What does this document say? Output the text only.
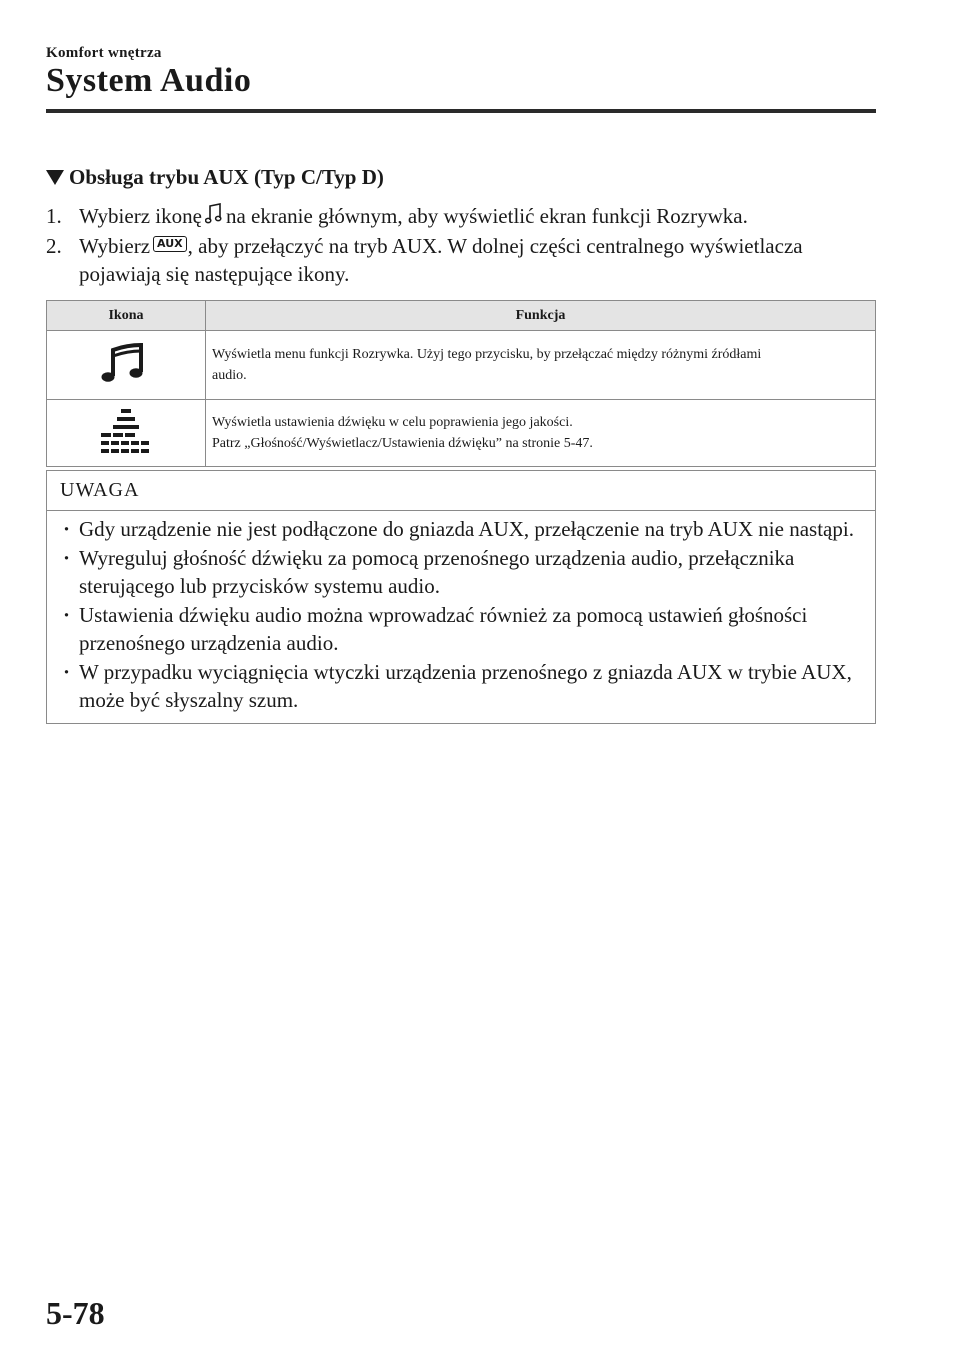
Komfort wnętrza
System Audio
Obsługa trybu AUX (Typ C/Typ D)
1. Wybierz ikonę na ekranie głównym, aby wyświetlić ekran funkcji Rozrywka.
2. Wybierz AUX , aby przełączyć na tryb AUX. W dolnej części centralnego wyświetlacza pojawiają się następujące ikony.
Ikona	Funkcja

Wyświetla menu funkcji Rozrywka. Użyj tego przycisku, by przełączać między różnymi źródłami
audio.

Wyświetla ustawienia dźwięku w celu poprawienia jego jakości.
Patrz „Głośność/Wyświetlacz/Ustawienia dźwięku” na stronie 5-47.
UWAGA
· Gdy urządzenie nie jest podłączone do gniazda AUX, przełączenie na tryb AUX nie nastąpi.
· Wyreguluj głośność dźwięku za pomocą przenośnego urządzenia audio, przełącznika sterującego lub przycisków systemu audio.
· Ustawienia dźwięku audio można wprowadzać również za pomocą ustawień głośności przenośnego urządzenia audio.
· W przypadku wyciągnięcia wtyczki urządzenia przenośnego z gniazda AUX w trybie AUX, może być słyszalny szum.
5-78
